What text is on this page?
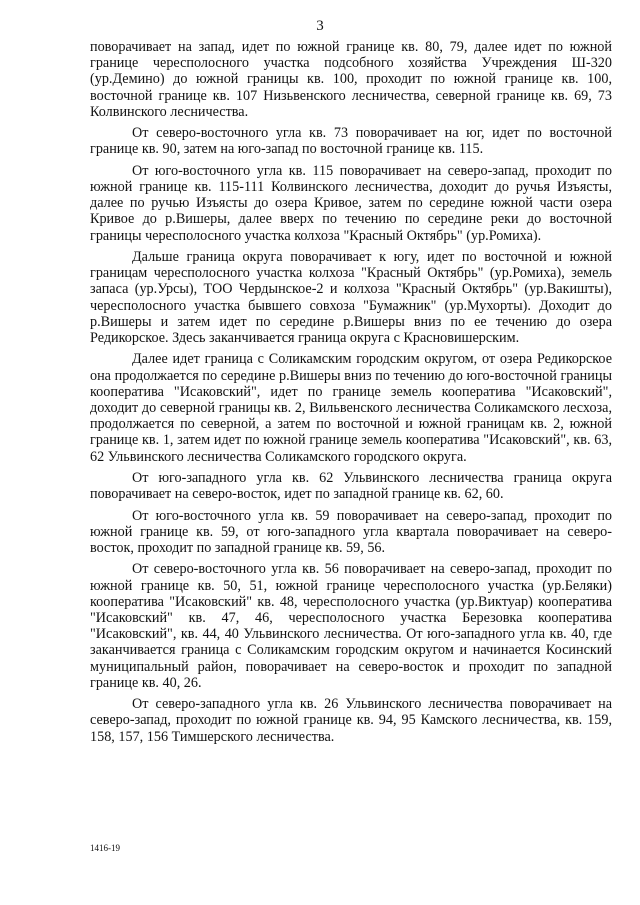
3

поворачивает на запад, идет по южной границе кв. 80, 79, далее идет по южной границе чересполосного участка подсобного хозяйства Учреждения Ш-320 (ур.Демино) до южной границы кв. 100, проходит по южной границе кв. 100, восточной границе кв. 107 Низьвенского лесничества, северной границе кв. 69, 73 Колвинского лесничества.

От северо-восточного угла кв. 73 поворачивает на юг, идет по восточной границе кв. 90, затем на юго-запад по восточной границе кв. 115.

От юго-восточного угла кв. 115 поворачивает на северо-запад, проходит по южной границе кв. 115-111 Колвинского лесничества, доходит до ручья Изъясты, далее по ручью Изъясты до озера Кривое, затем по середине южной части озера Кривое до р.Вишеры, далее вверх по течению по середине реки до восточной границы чересполосного участка колхоза "Красный Октябрь" (ур.Ромиха).

Дальше граница округа поворачивает к югу, идет по восточной и южной границам чересполосного участка колхоза "Красный Октябрь" (ур.Ромиха), земель запаса (ур.Урсы), ТОО Чердынское-2 и колхоза "Красный Октябрь" (ур.Вакишты), чересполосного участка бывшего совхоза "Бумажник" (ур.Мухорты). Доходит до р.Вишеры и затем идет по середине р.Вишеры вниз по ее течению до озера Редикорское. Здесь заканчивается граница округа с Красновишерским.

Далее идет граница с Соликамским городским округом, от озера Редикорское она продолжается по середине р.Вишеры вниз по течению до юго-восточной границы кооператива "Исаковский", идет по границе земель кооператива "Исаковский", доходит до северной границы кв. 2, Вильвенского лесничества Соликамского лесхоза, продолжается по северной, а затем по восточной и южной границам кв. 2, южной границе кв. 1, затем идет по южной границе земель кооператива "Исаковский", кв. 63, 62 Ульвинского лесничества Соликамского городского округа.

От юго-западного угла кв. 62 Ульвинского лесничества граница округа поворачивает на северо-восток, идет по западной границе кв. 62, 60.

От юго-восточного угла кв. 59 поворачивает на северо-запад, проходит по южной границе кв. 59, от юго-западного угла квартала поворачивает на северо-восток, проходит по западной границе кв. 59, 56.

От северо-восточного угла кв. 56 поворачивает на северо-запад, проходит по южной границе кв. 50, 51, южной границе чересполосного участка (ур.Беляки) кооператива "Исаковский" кв. 48, чересполосного участка (ур.Виктуар) кооператива "Исаковский" кв. 47, 46, чересполосного участка Березовка кооператива "Исаковский", кв. 44, 40 Ульвинского лесничества. От юго-западного угла кв. 40, где заканчивается граница с Соликамским городским округом и начинается Косинский муниципальный район, поворачивает на северо-восток и проходит по западной границе кв. 40, 26.

От северо-западного угла кв. 26 Ульвинского лесничества поворачивает на северо-запад, проходит по южной границе кв. 94, 95 Камского лесничества, кв. 159, 158, 157, 156 Тимшерского лесничества.

1416-19
